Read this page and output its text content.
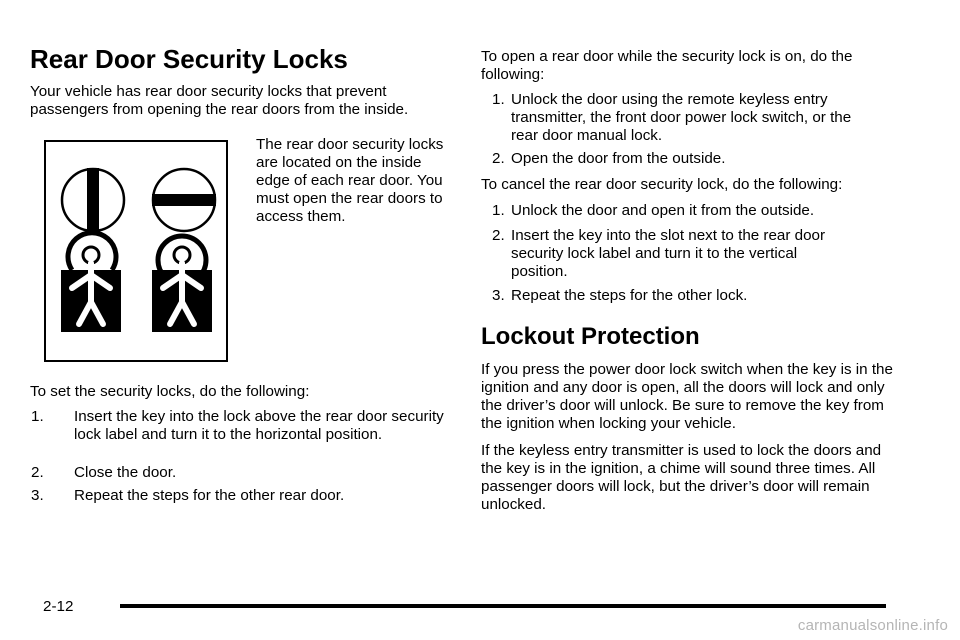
Rear Door Security Locks

Your vehicle has rear door security locks that prevent passengers from opening the rear doors from the inside.

The rear door security locks are located on the inside edge of each rear door. You must open the rear doors to access them.

To set the security locks, do the following:

1.	Insert the key into the lock above the rear door security lock label and turn it to the horizontal position.
2.	Close the door.
3.	Repeat the steps for the other rear door.

To open a rear door while the security lock is on, do the following:

1. Unlock the door using the remote keyless entry transmitter, the front door power lock switch, or the rear door manual lock.
2. Open the door from the outside.

To cancel the rear door security lock, do the following:

1. Unlock the door and open it from the outside.
2. Insert the key into the slot next to the rear door security lock label and turn it to the vertical position.
3. Repeat the steps for the other lock.
Lockout Protection

If you press the power door lock switch when the key is in the ignition and any door is open, all the doors will lock and only the driver’s door will unlock. Be sure to remove the key from the ignition when locking your vehicle.

If the keyless entry transmitter is used to lock the doors and the key is in the ignition, a chime will sound three times. All passenger doors will lock, but the driver’s door will remain unlocked.

2-12
carmanualsonline.info
